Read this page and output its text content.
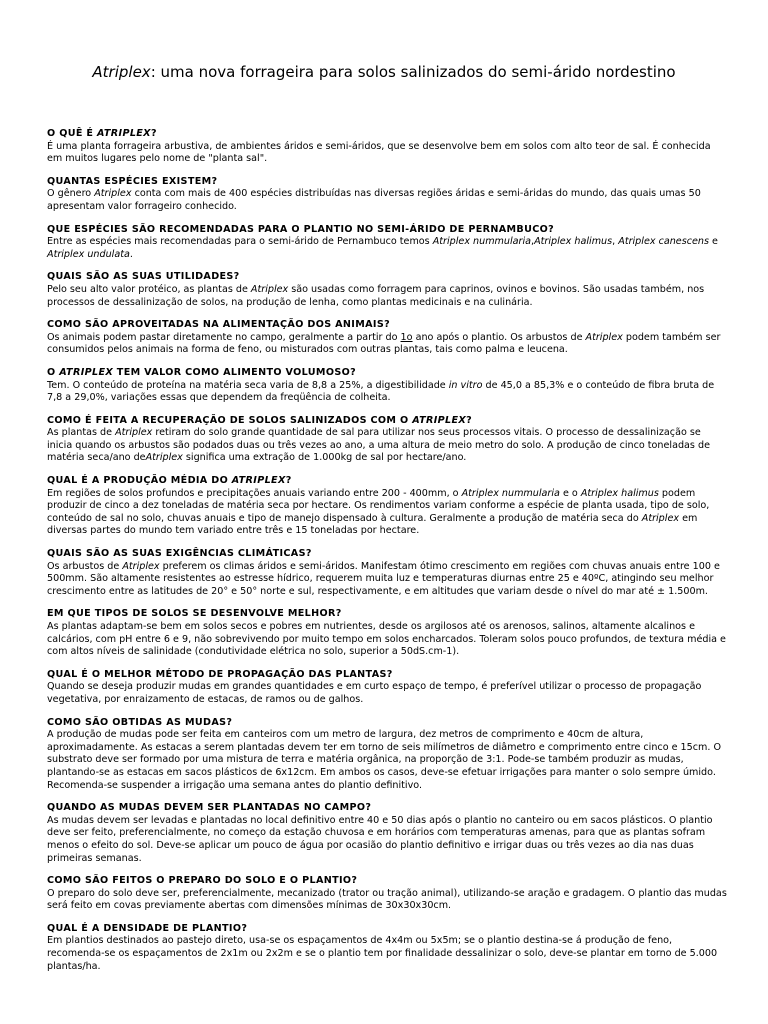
Atriplex: uma nova forrageira para solos salinizados do semi-árido nordestino
O QUÊ É ATRIPLEX?
É uma planta forrageira arbustiva, de ambientes áridos e semi-áridos, que se desenvolve bem em solos com alto teor de sal. É conhecida em muitos lugares pelo nome de "planta sal".
QUANTAS ESPÉCIES EXISTEM?
O gênero Atriplex conta com mais de 400 espécies distribuídas nas diversas regiões áridas e semi-áridas do mundo, das quais umas 50 apresentam valor forrageiro conhecido.
QUE ESPÉCIES SÃO RECOMENDADAS PARA O PLANTIO NO SEMI-ÁRIDO DE PERNAMBUCO?
Entre as espécies mais recomendadas para o semi-árido de Pernambuco temos Atriplex nummularia,Atriplex halimus, Atriplex canescens e Atriplex undulata.
QUAIS SÃO AS SUAS UTILIDADES?
Pelo seu alto valor protéico, as plantas de Atriplex são usadas como forragem para caprinos, ovinos e bovinos. São usadas também, nos processos de dessalinização de solos, na produção de lenha, como plantas medicinais e na culinária.
COMO SÃO APROVEITADAS NA ALIMENTAÇÃO DOS ANIMAIS?
Os animais podem pastar diretamente no campo, geralmente a partir do 1o ano após o plantio. Os arbustos de Atriplex podem também ser consumidos pelos animais na forma de feno, ou misturados com outras plantas, tais como palma e leucena.
O ATRIPLEX TEM VALOR COMO ALIMENTO VOLUMOSO?
Tem. O conteúdo de proteína na matéria seca varia de 8,8 a 25%, a digestibilidade in vitro de 45,0 a 85,3% e o conteúdo de fibra bruta de 7,8 a 29,0%, variações essas que dependem da freqüência de colheita.
COMO É FEITA A RECUPERAÇÃO DE SOLOS SALINIZADOS COM O ATRIPLEX?
As plantas de Atriplex retiram do solo grande quantidade de sal para utilizar nos seus processos vitais. O processo de dessalinização se inicia quando os arbustos são podados duas ou três vezes ao ano, a uma altura de meio metro do solo. A produção de cinco toneladas de matéria seca/ano deAtriplex significa uma extração de 1.000kg de sal por hectare/ano.
QUAL É A PRODUÇÃO MÉDIA DO ATRIPLEX?
Em regiões de solos profundos e precipitações anuais variando entre 200 - 400mm, o Atriplex nummularia e o Atriplex halimus podem produzir de cinco a dez toneladas de matéria seca por hectare. Os rendimentos variam conforme a espécie de planta usada, tipo de solo, conteúdo de sal no solo, chuvas anuais e tipo de manejo dispensado à cultura. Geralmente a produção de matéria seca do Atriplex em diversas partes do mundo tem variado entre três e 15 toneladas por hectare.
QUAIS SÃO AS SUAS EXIGÊNCIAS CLIMÁTICAS?
Os arbustos de Atriplex preferem os climas áridos e semi-áridos. Manifestam ótimo crescimento em regiões com chuvas anuais entre 100 e 500mm. São altamente resistentes ao estresse hídrico, requerem muita luz e temperaturas diurnas entre 25 e 40ºC, atingindo seu melhor crescimento entre as latitudes de 20° e 50° norte e sul, respectivamente, e em altitudes que variam desde o nível do mar até ± 1.500m.
EM QUE TIPOS DE SOLOS SE DESENVOLVE MELHOR?
As plantas adaptam-se bem em solos secos e pobres em nutrientes, desde os argilosos até os arenosos, salinos, altamente alcalinos e calcários, com pH entre 6 e 9, não sobrevivendo por muito tempo em solos encharcados. Toleram solos pouco profundos, de textura média e com altos níveis de salinidade (condutividade elétrica no solo, superior a 50dS.cm-1).
QUAL É O MELHOR MÉTODO DE PROPAGAÇÃO DAS PLANTAS?
Quando se deseja produzir mudas em grandes quantidades e em curto espaço de tempo, é preferível utilizar o processo de propagação vegetativa, por enraizamento de estacas, de ramos ou de galhos.
COMO SÃO OBTIDAS AS MUDAS?
A produção de mudas pode ser feita em canteiros com um metro de largura, dez metros de comprimento e 40cm de altura, aproximadamente. As estacas a serem plantadas devem ter em torno de seis milímetros de diâmetro e comprimento entre cinco e 15cm. O substrato deve ser formado por uma mistura de terra e matéria orgânica, na proporção de 3:1. Pode-se também produzir as mudas, plantando-se as estacas em sacos plásticos de 6x12cm. Em ambos os casos, deve-se efetuar irrigações para manter o solo sempre úmido. Recomenda-se suspender a irrigação uma semana antes do plantio definitivo.
QUANDO AS MUDAS DEVEM SER PLANTADAS NO CAMPO?
As mudas devem ser levadas e plantadas no local definitivo entre 40 e 50 dias após o plantio no canteiro ou em sacos plásticos. O plantio deve ser feito, preferencialmente, no começo da estação chuvosa e em horários com temperaturas amenas, para que as plantas sofram menos o efeito do sol. Deve-se aplicar um pouco de água por ocasião do plantio definitivo e irrigar duas ou três vezes ao dia nas duas primeiras semanas.
COMO SÃO FEITOS O PREPARO DO SOLO E O PLANTIO?
O preparo do solo deve ser, preferencialmente, mecanizado (trator ou tração animal), utilizando-se aração e gradagem. O plantio das mudas será feito em covas previamente abertas com dimensões mínimas de 30x30x30cm.
QUAL É A DENSIDADE DE PLANTIO?
Em plantios destinados ao pastejo direto, usa-se os espaçamentos de 4x4m ou 5x5m; se o plantio destina-se á produção de feno, recomenda-se os espaçamentos de 2x1m ou 2x2m e se o plantio tem por finalidade dessalinizar o solo, deve-se plantar em torno de 5.000 plantas/ha.
